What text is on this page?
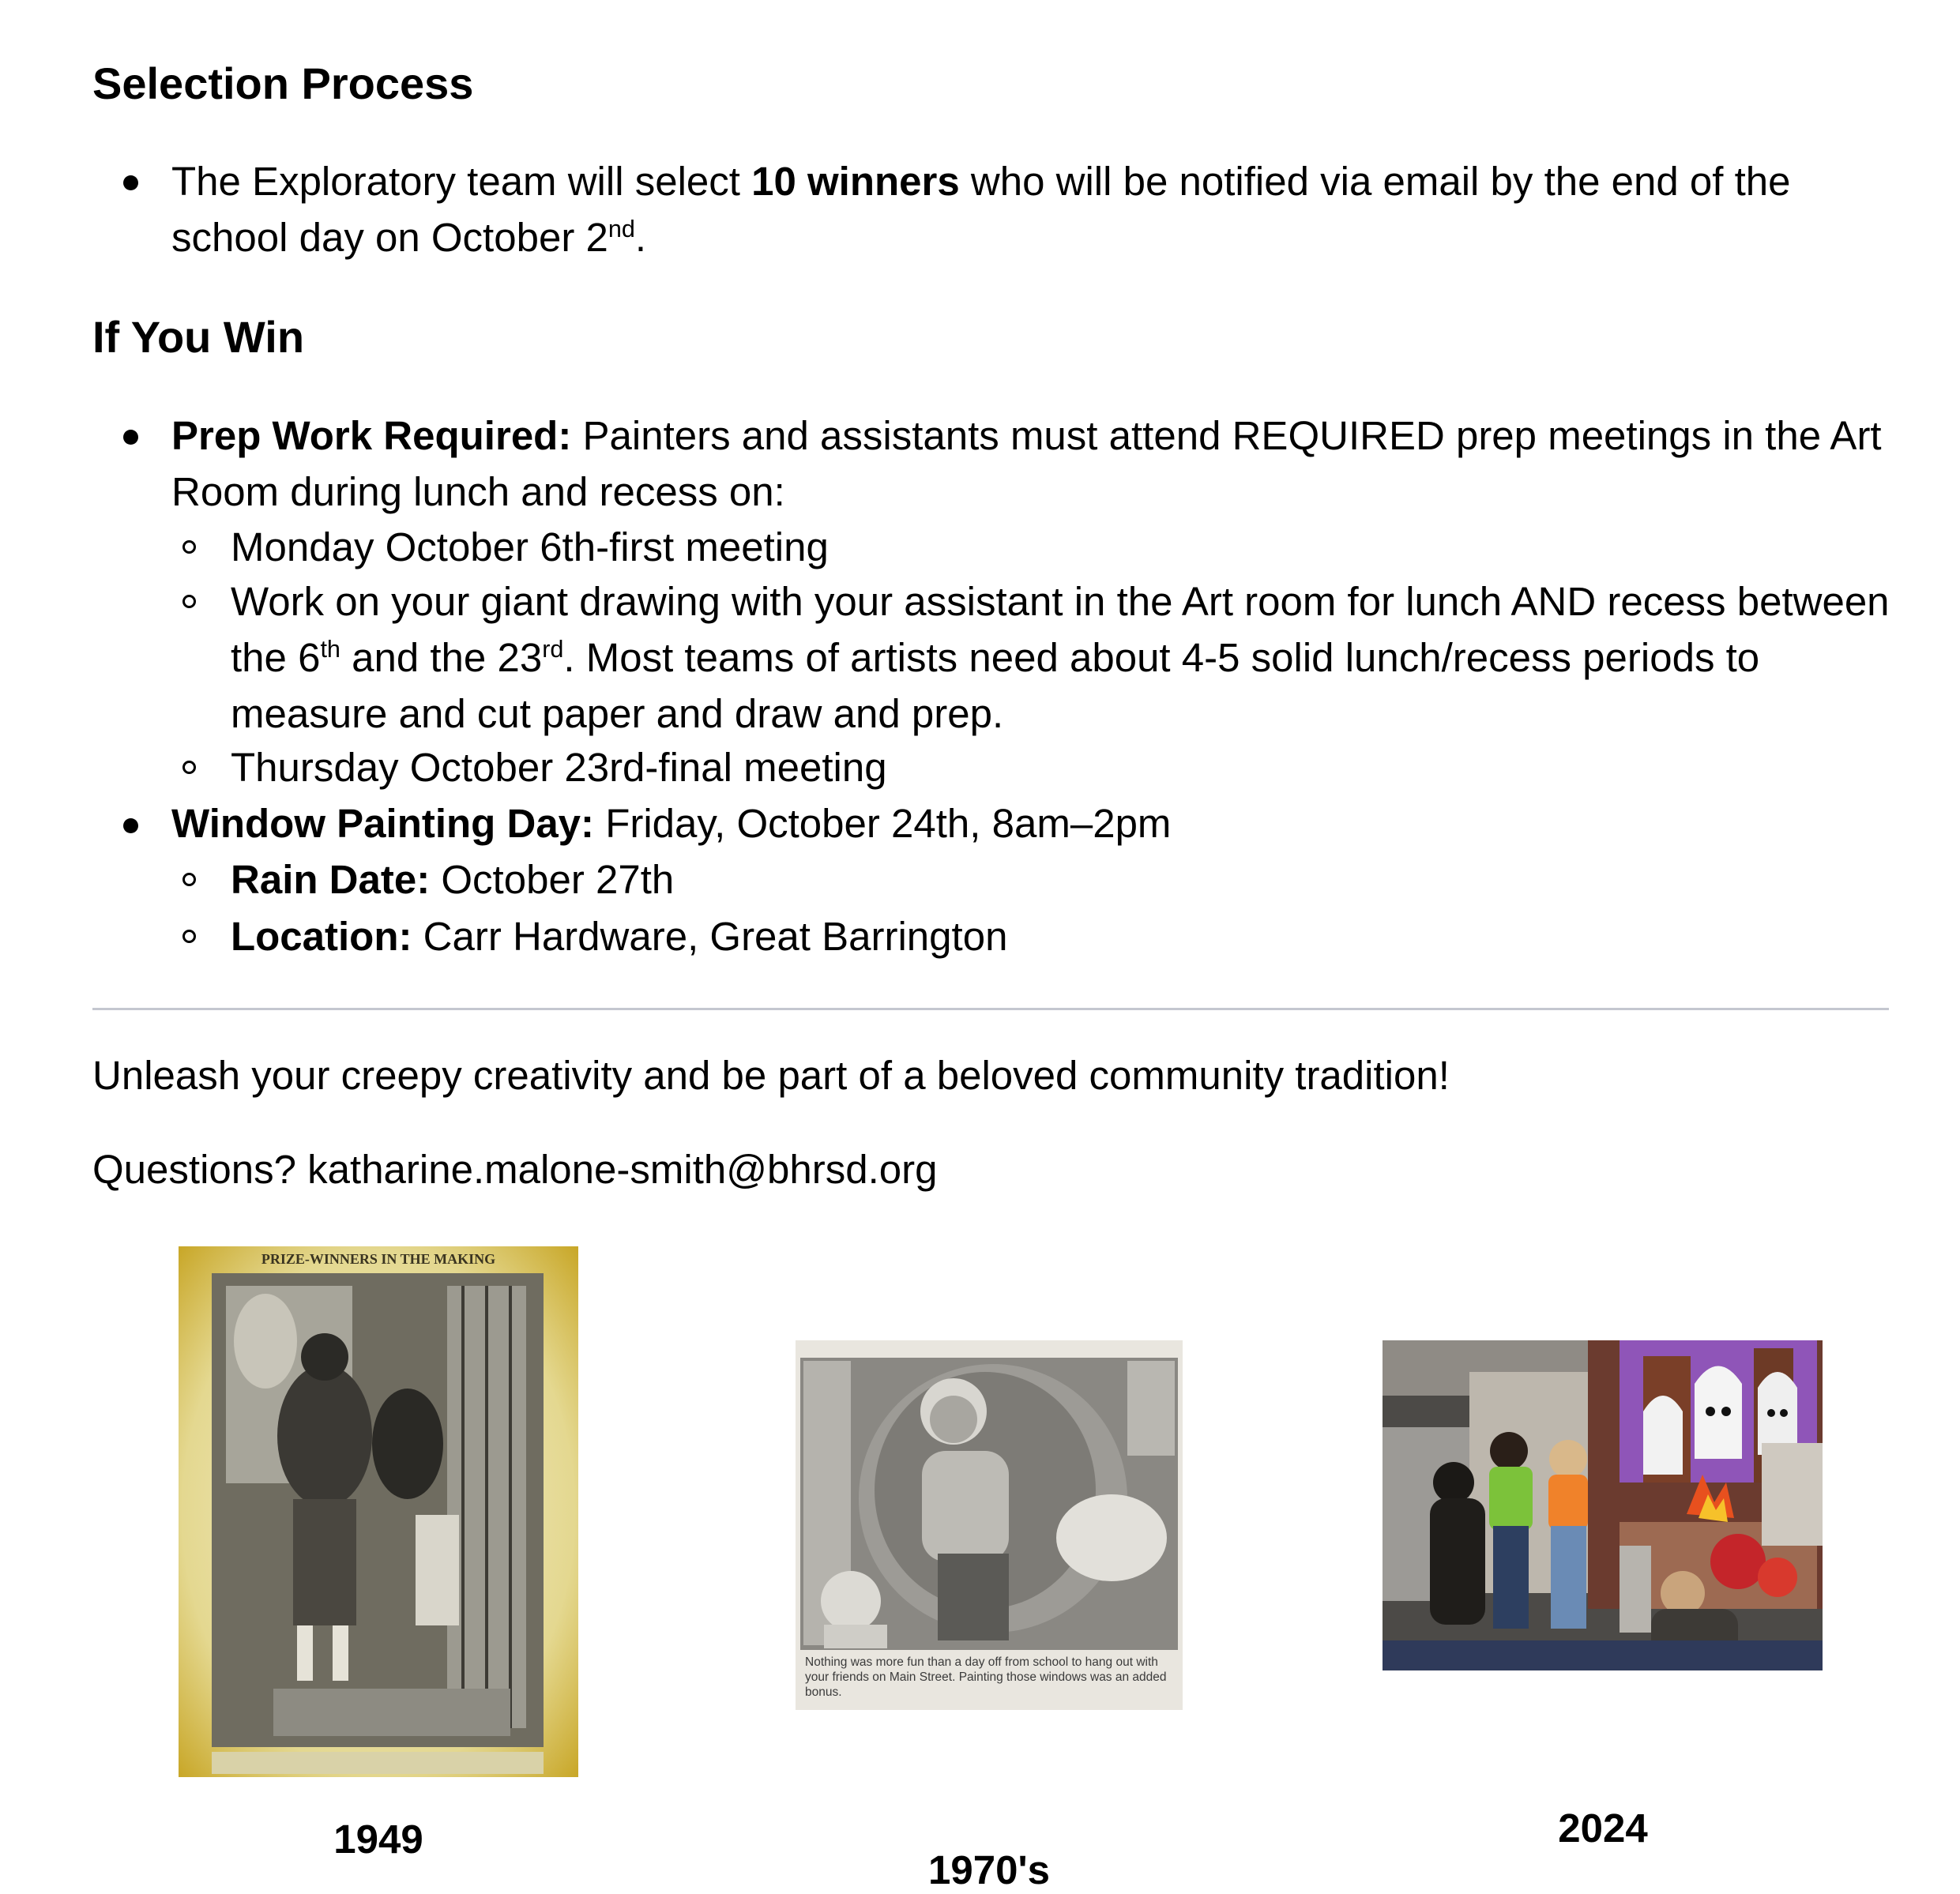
Selection Process

The Exploratory team will select 10 winners who will be notified via email by the end of the school day on October 2nd.

If You Win

Prep Work Required: Painters and assistants must attend REQUIRED prep meetings in the Art Room during lunch and recess on:

Monday October 6th-first meeting

Work on your giant drawing with your assistant in the Art room for lunch AND recess between the 6th and the 23rd. Most teams of artists need about 4-5 solid lunch/recess periods to measure and cut paper and draw and prep.

Thursday October 23rd-final meeting

Window Painting Day: Friday, October 24th, 8am–2pm

Rain Date: October 27th

Location: Carr Hardware, Great Barrington

Unleash your creepy creativity and be part of a beloved community tradition!

Questions? katharine.malone-smith@bhrsd.org

PRIZE-WINNERS IN THE MAKING
1949
Nothing was more fun than a day off from school to hang out with your friends on Main Street. Painting those windows was an added bonus.
1970's
2024
